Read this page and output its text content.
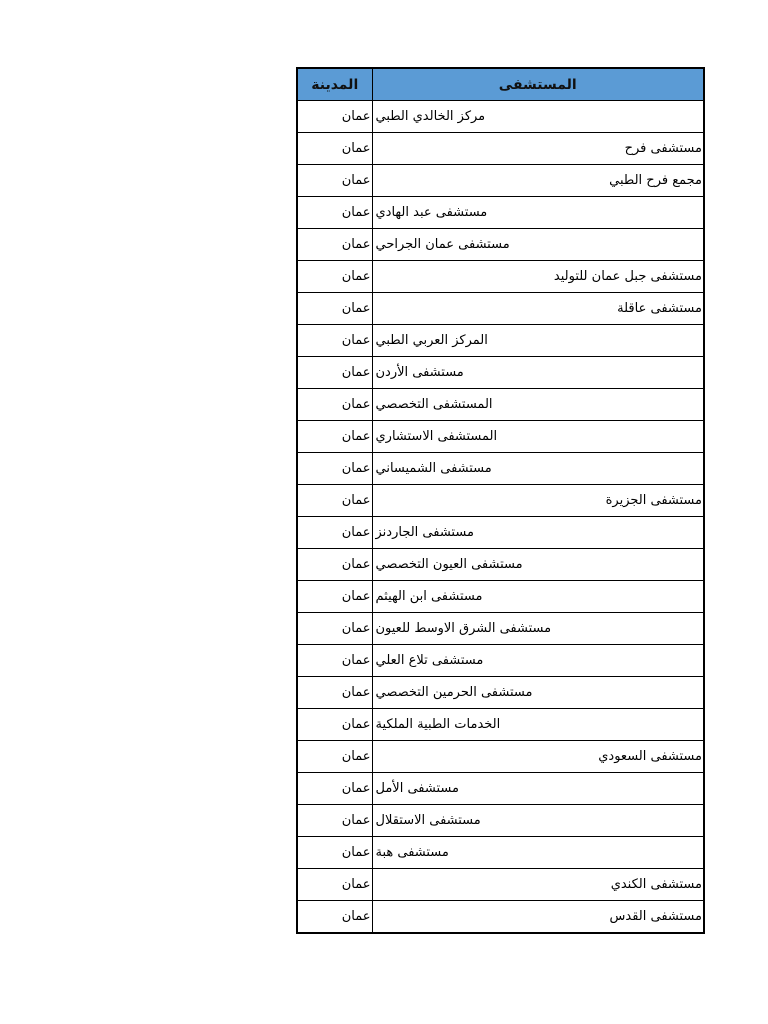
المستشفى	المدينة
مركز الخالدي الطبي	عمان
مستشفى فرح	عمان
مجمع فرح الطبي	عمان
مستشفى عبد الهادي	عمان
مستشفى عمان الجراحي	عمان
مستشفى جبل عمان للتوليد	عمان
مستشفى عاقلة	عمان
المركز العربي الطبي	عمان
مستشفى الأردن	عمان
المستشفى التخصصي	عمان
المستشفى الاستشاري	عمان
مستشفى الشميساني	عمان
مستشفى الجزيرة	عمان
مستشفى الجاردنز	عمان
مستشفى العيون التخصصي	عمان
مستشفى ابن الهيثم	عمان
مستشفى الشرق الاوسط للعيون	عمان
مستشفى تلاع العلي	عمان
مستشفى الحرمين التخصصي	عمان
الخدمات الطبية الملكية	عمان
مستشفى السعودي	عمان
مستشفى الأمل	عمان
مستشفى الاستقلال	عمان
مستشفى هبة	عمان
مستشفى الكندي	عمان
مستشفى القدس	عمان
